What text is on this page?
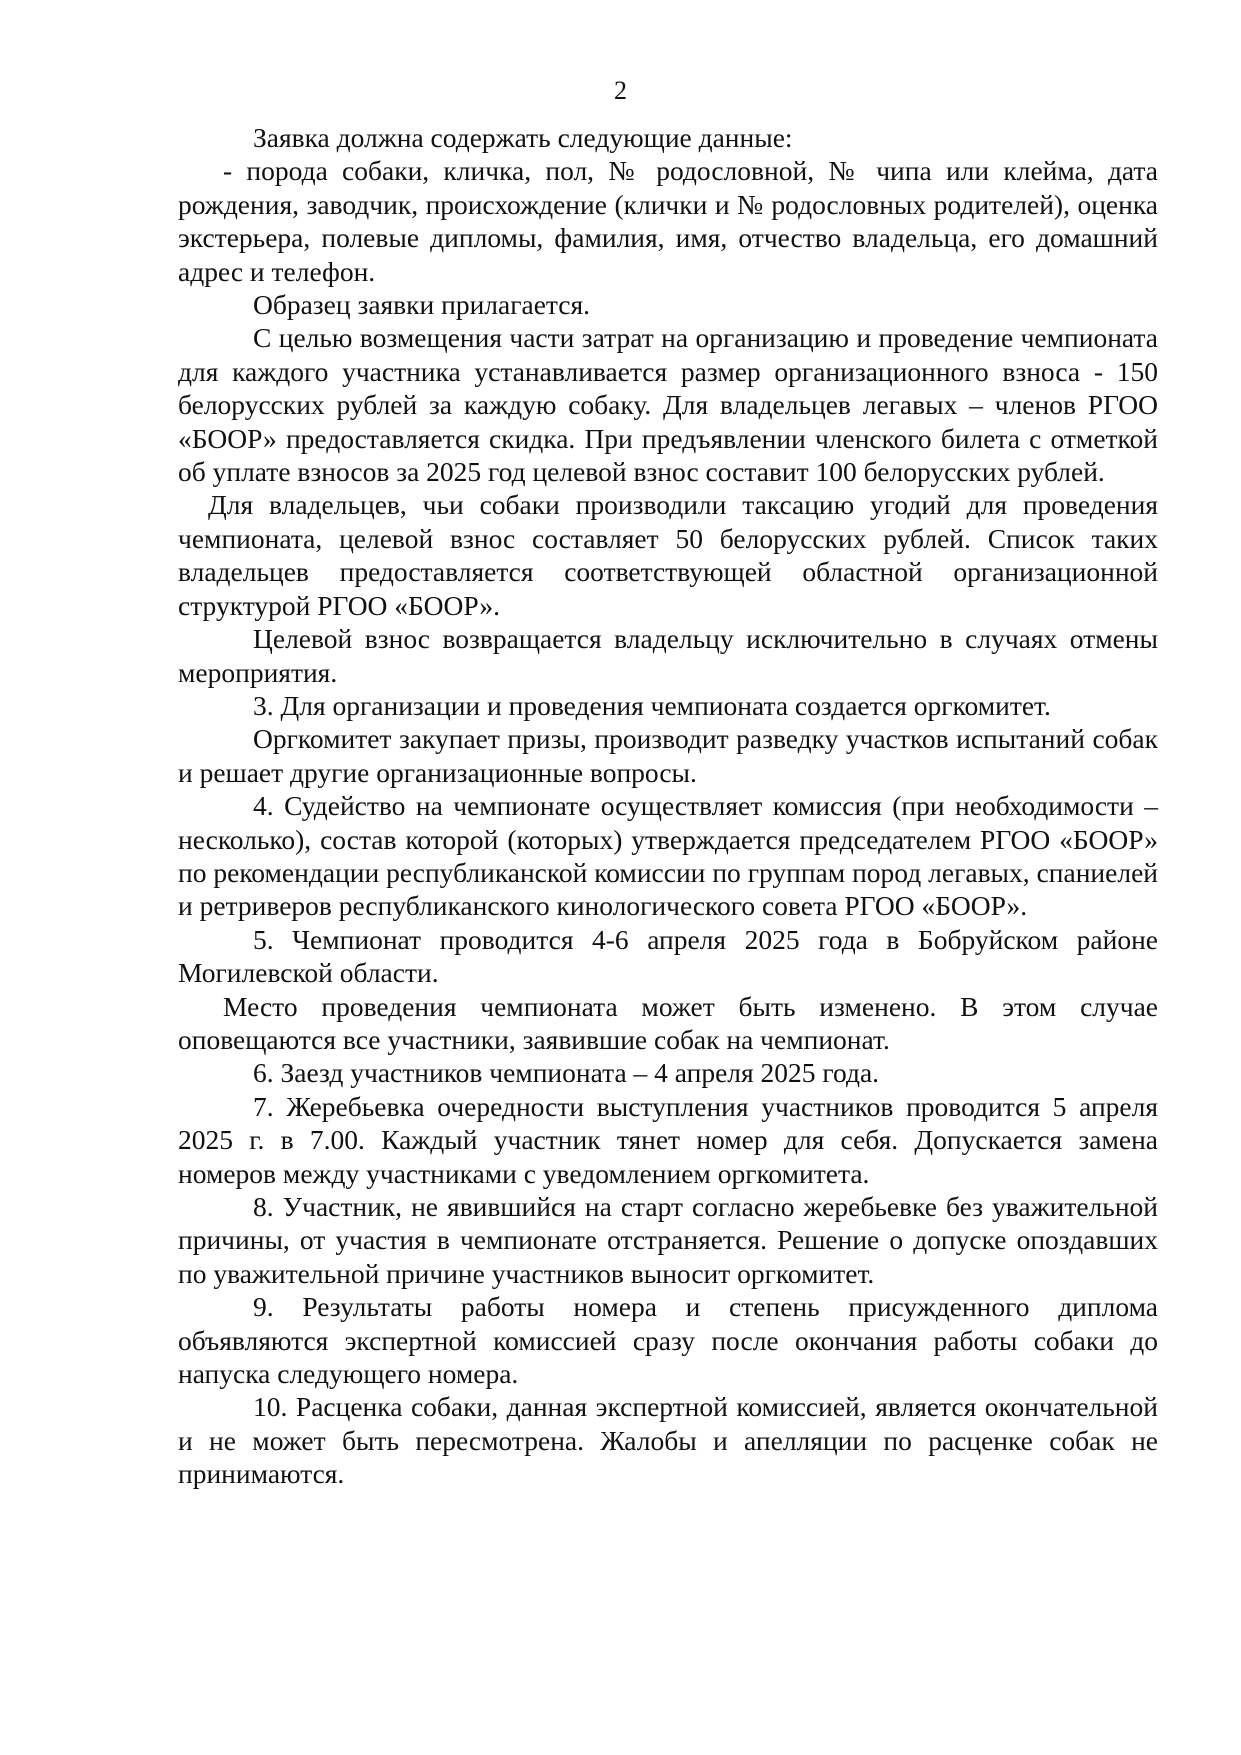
2

Заявка должна содержать следующие данные:

- порода собаки, кличка, пол, № родословной, № чипа или клейма, дата рождения, заводчик, происхождение (клички и № родословных родителей), оценка экстерьера, полевые дипломы, фамилия, имя, отчество владельца, его домашний адрес и телефон.

Образец заявки прилагается.

С целью возмещения части затрат на организацию и проведение чемпионата для каждого участника устанавливается размер организационного взноса - 150 белорусских рублей за каждую собаку. Для владельцев легавых – членов РГОО «БООР» предоставляется скидка. При предъявлении членского билета с отметкой об уплате взносов за 2025 год целевой взнос составит 100 белорусских рублей.

Для владельцев, чьи собаки производили таксацию угодий для проведения чемпионата, целевой взнос составляет 50 белорусских рублей. Список таких владельцев предоставляется соответствующей областной организационной структурой РГОО «БООР».

Целевой взнос возвращается владельцу исключительно в случаях отмены мероприятия.

3. Для организации и проведения чемпионата создается оргкомитет.

Оргкомитет закупает призы, производит разведку участков испытаний собак и решает другие организационные вопросы.

4. Судейство на чемпионате осуществляет комиссия (при необходимости – несколько), состав которой (которых) утверждается председателем РГОО «БООР» по рекомендации республиканской комиссии по группам пород легавых, спаниелей и ретриверов республиканского кинологического совета РГОО «БООР».

5. Чемпионат проводится 4-6 апреля 2025 года в Бобруйском районе Могилевской области.

Место проведения чемпионата может быть изменено. В этом случае оповещаются все участники, заявившие собак на чемпионат.

6. Заезд участников чемпионата – 4 апреля 2025 года.

7. Жеребьевка очередности выступления участников проводится 5 апреля 2025 г. в 7.00. Каждый участник тянет номер для себя. Допускается замена номеров между участниками с уведомлением оргкомитета.

8. Участник, не явившийся на старт согласно жеребьевке без уважительной причины, от участия в чемпионате отстраняется. Решение о допуске опоздавших по уважительной причине участников выносит оргкомитет.

9. Результаты работы номера и степень присужденного диплома объявляются экспертной комиссией сразу после окончания работы собаки до напуска следующего номера.

10. Расценка собаки, данная экспертной комиссией, является окончательной и не может быть пересмотрена. Жалобы и апелляции по расценке собак не принимаются.
